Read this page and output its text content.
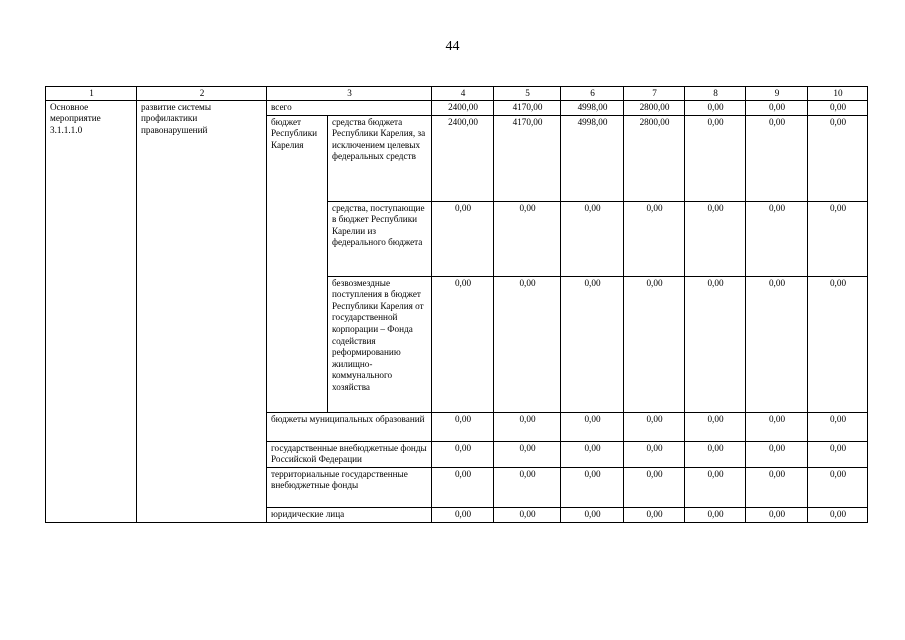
44
1	2	3		4	5	6	7	8	9	10
Основное мероприятие 3.1.1.1.0	развитие системы профилактики правонарушений	всего		2400,00	4170,00	4998,00	2800,00	0,00	0,00	0,00
		бюджет Республики Карелия	средства бюджета Республики Карелия, за исключением целевых федеральных средств	2400,00	4170,00	4998,00	2800,00	0,00	0,00	0,00
			средства, поступающие в бюджет Республики Карелии из федерального бюджета	0,00	0,00	0,00	0,00	0,00	0,00	0,00
			безвозмездные поступления в бюджет Республики Карелия от государственной корпорации – Фонда содействия реформированию жилищно-коммунального хозяйства	0,00	0,00	0,00	0,00	0,00	0,00	0,00
		бюджеты муниципальных образований		0,00	0,00	0,00	0,00	0,00	0,00	0,00
		государственные внебюджетные фонды Российской Федерации		0,00	0,00	0,00	0,00	0,00	0,00	0,00
		территориальные государственные внебюджетные фонды		0,00	0,00	0,00	0,00	0,00	0,00	0,00
		юридические лица		0,00	0,00	0,00	0,00	0,00	0,00	0,00
